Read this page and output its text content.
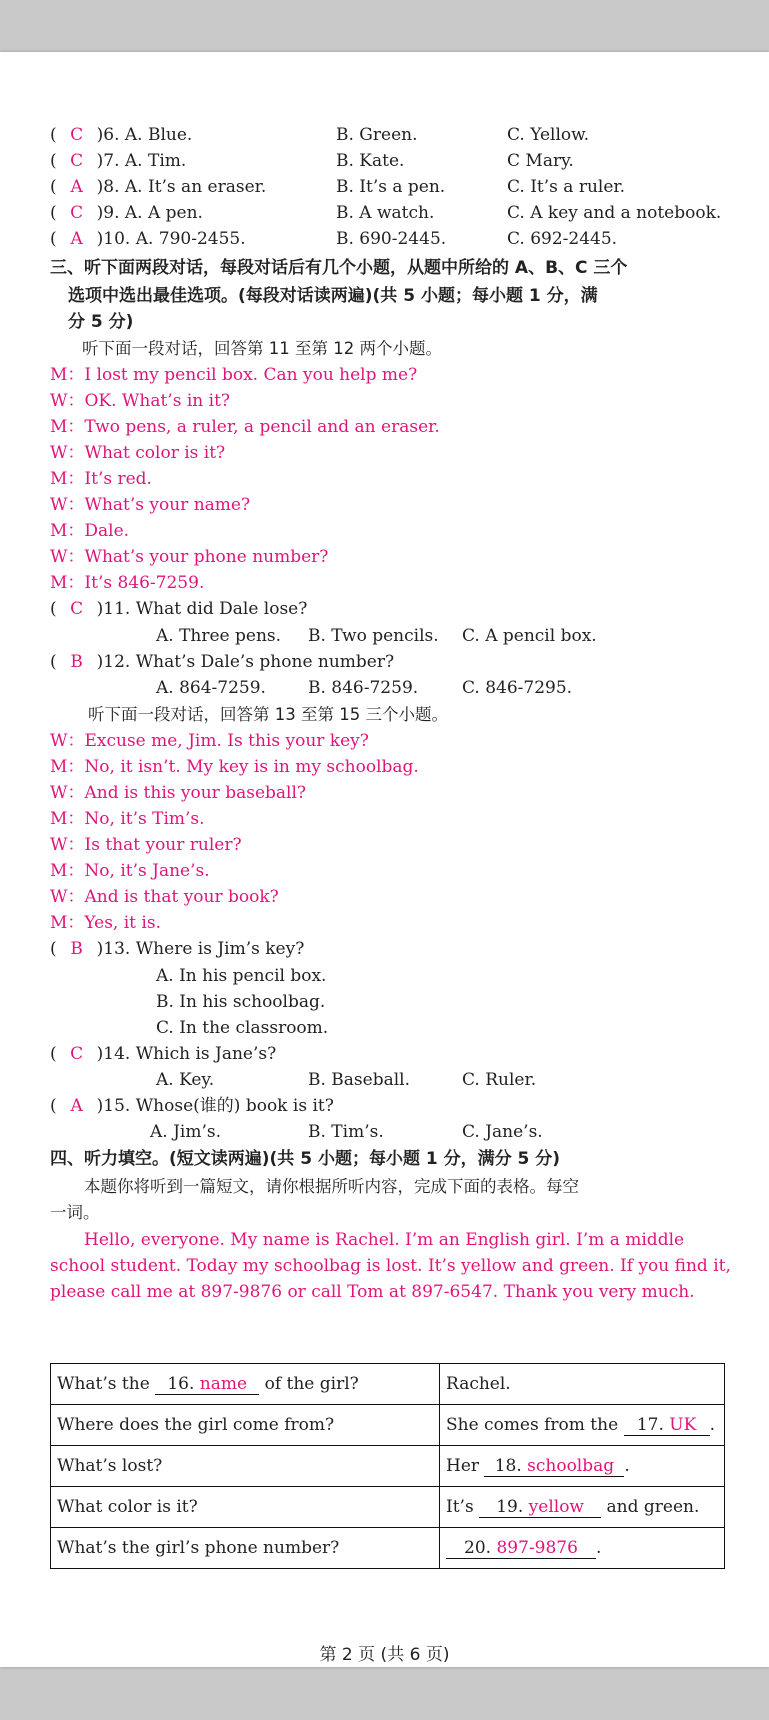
( C )6. A. Blue.	B. Green.	C. Yellow.
( C )7. A. Tim.	B. Kate.	C Mary.
( A )8. A. It’s an eraser.	B. It’s a pen.	C. It’s a ruler.
( C )9. A. A pen.	B. A watch.	C. A key and a notebook.
( A )10. A. 790-2455.	B. 690-2445.	C. 692-2445.
三、听下面两段对话，每段对话后有几个小题，从题中所给的 A、B、C 三个
选项中选出最佳选项。(每段对话读两遍)(共 5 小题；每小题 1 分，满
分 5 分)
听下面一段对话，回答第 11 至第 12 两个小题。
M：I lost my pencil box. Can you help me?
W：OK. What’s in it?
M：Two pens, a ruler, a pencil and an eraser.
W：What color is it?
M：It’s red.
W：What’s your name?
M：Dale.
W：What’s your phone number?
M：It’s 846-7259.
( C )11. What did Dale lose?
A. Three pens. B. Two pencils. C. A pencil box.
( B )12. What’s Dale’s phone number?
A. 864-7259. B. 846-7259.	C. 846-7295.
听下面一段对话，回答第 13 至第 15 三个小题。
W：Excuse me, Jim. Is this your key?
M：No, it isn’t. My key is in my schoolbag.
W：And is this your baseball?
M：No, it’s Tim’s.
W：Is that your ruler?
M：No, it’s Jane’s.
W：And is that your book?
M：Yes, it is.
( B )13. Where is Jim’s key?
A. In his pencil box.
B. In his schoolbag.
C. In the classroom.
( C )14. Which is Jane’s?
A. Key.	B. Baseball.	C. Ruler.
( A )15. Whose(谁的) book is it?
A. Jim’s.	B. Tim’s.	C. Jane’s.
四、听力填空。(短文读两遍)(共 5 小题；每小题 1 分，满分 5 分)
本题你将听到一篇短文，请你根据所听内容，完成下面的表格。每空
一词。
Hello, everyone. My name is Rachel. I’m an English girl. I’m a middle
school student. Today my schoolbag is lost. It’s yellow and green. If you find it,
please call me at 897-9876 or call Tom at 897-6547. Thank you very much.
What’s the 16. name of the girl?	Rachel.
Where does the girl come from?	She comes from the 17. UK .
What’s lost?	Her 18. schoolbag .
What color is it?	It’s 19. yellow and green.
What’s the girl’s phone number?	20. 897-9876 .
第 2 页 (共 6 页)
